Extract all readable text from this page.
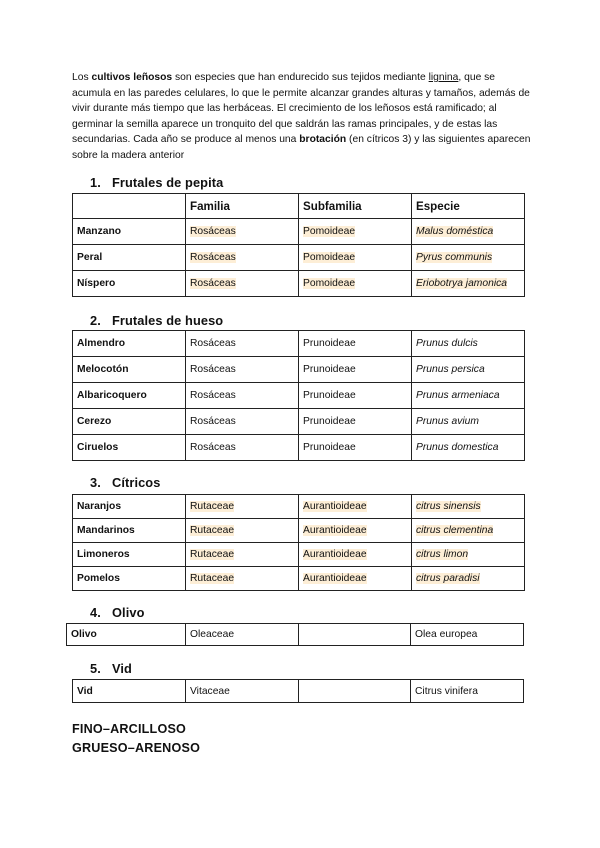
Los cultivos leñosos son especies que han endurecido sus tejidos mediante lignina, que se acumula en las paredes celulares, lo que le permite alcanzar grandes alturas y tamaños, además de vivir durante más tiempo que las herbáceas. El crecimiento de los leñosos está ramificado; al germinar la semilla aparece un tronquito del que saldrán las ramas principales, y de estas las secundarias. Cada año se produce al menos una brotación (en cítricos 3) y las siguientes aparecen sobre la madera anterior
1. Frutales de pepita
	Familia	Subfamilia	Especie
Manzano	Rosáceas	Pomoideae	Malus doméstica
Peral	Rosáceas	Pomoideae	Pyrus communis
Níspero	Rosáceas	Pomoideae	Eriobotrya jamonica
2. Frutales de hueso
Almendro	Rosáceas	Prunoideae	Prunus dulcis
Melocotón	Rosáceas	Prunoideae	Prunus persica
Albaricoquero	Rosáceas	Prunoideae	Prunus armeniaca
Cerezo	Rosáceas	Prunoideae	Prunus avium
Ciruelos	Rosáceas	Prunoideae	Prunus domestica
3. Cítricos
Naranjos	Rutaceae	Aurantioideae	citrus sinensis
Mandarinos	Rutaceae	Aurantioideae	citrus clementina
Limoneros	Rutaceae	Aurantioideae	citrus limon
Pomelos	Rutaceae	Aurantioideae	citrus paradisi
4. Olivo
Olivo	Oleaceae		Olea europea
5. Vid
Vid	Vitaceae		Citrus vinifera
FINO–ARCILLOSO
GRUESO–ARENOSO
